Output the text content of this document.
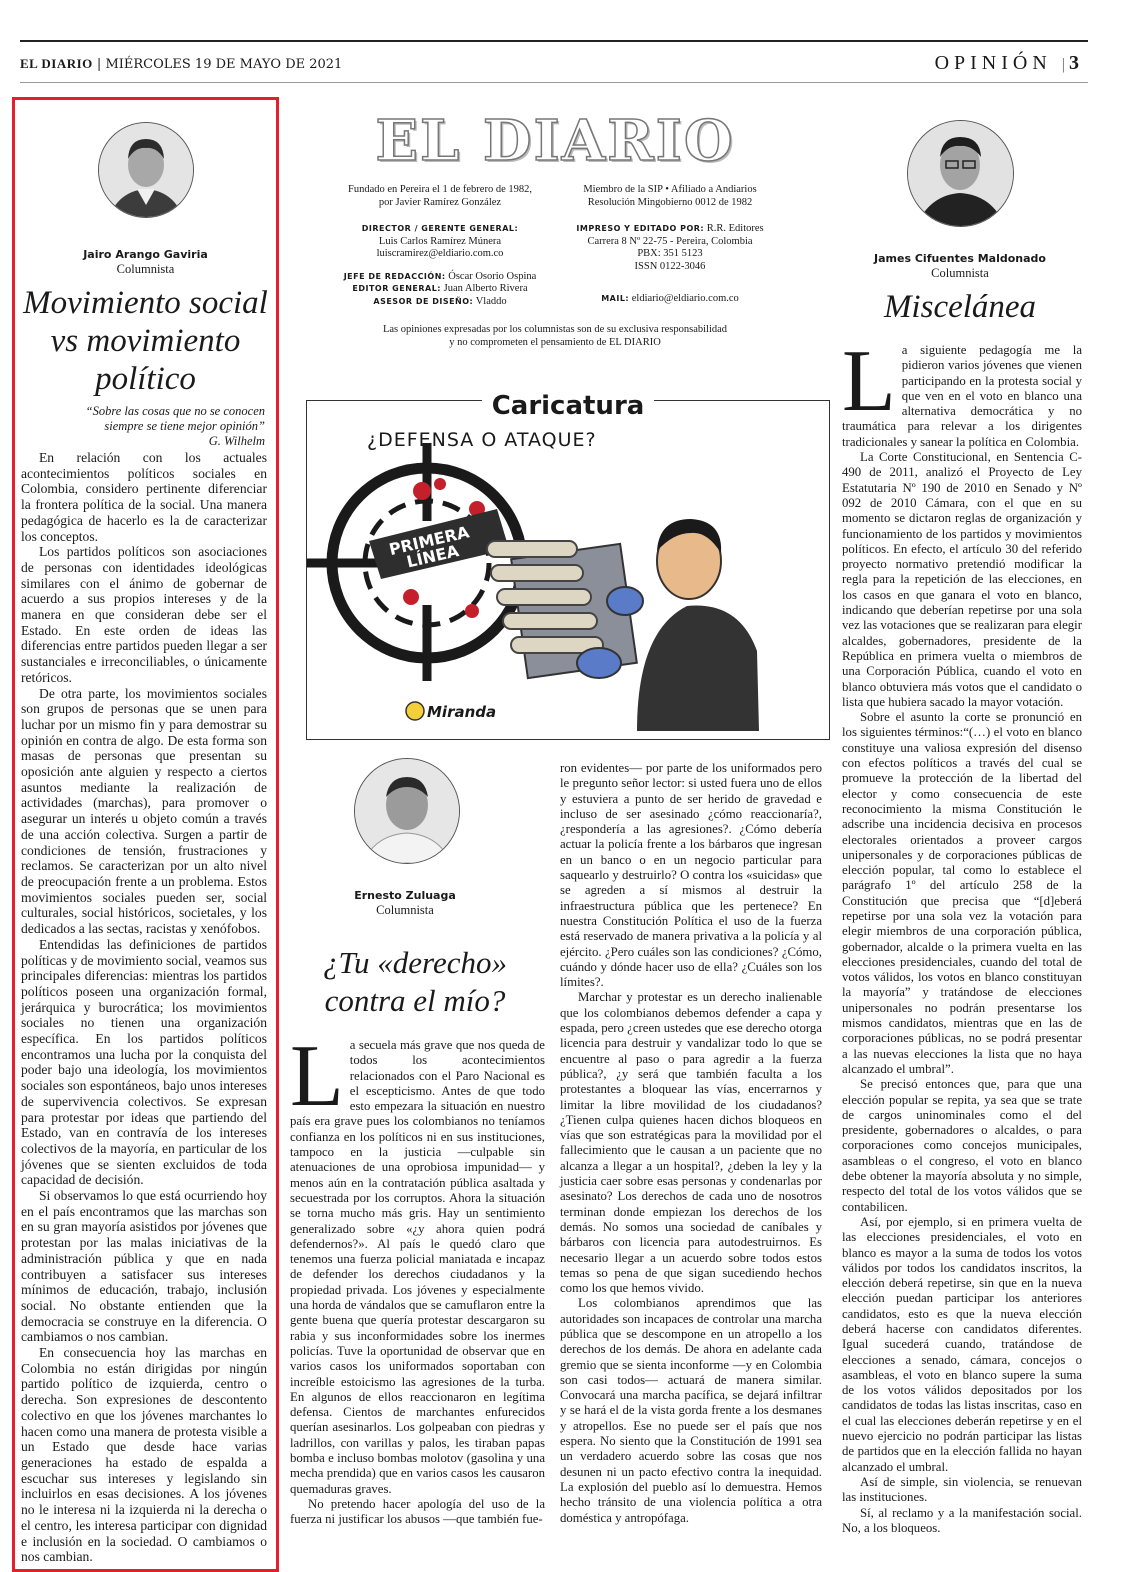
EL DIARIO | MIÉRCOLES 19 DE MAYO DE 2021	OPINIÓN | 3
Jairo Arango Gaviria
Columnista
Movimiento social
vs movimiento
político
“Sobre las cosas que no se conocen
siempre se tiene mejor opinión”
G. Wilhelm

En relación con los actuales acontecimientos políticos sociales en Colombia, considero pertinente diferenciar la frontera política de la social. Una manera pedagógica de hacerlo es la de caracterizar los conceptos.

Los partidos políticos son asociaciones de personas con identidades ideológicas similares con el ánimo de gobernar de acuerdo a sus propios intereses y de la manera en que consideran debe ser el Estado. En este orden de ideas las diferencias entre partidos pueden llegar a ser sustanciales e irreconciliables, o únicamente retóricos.

De otra parte, los movimientos sociales son grupos de personas que se unen para luchar por un mismo fin y para demostrar su opinión en contra de algo. De esta forma son masas de personas que presentan su oposición ante alguien y respecto a ciertos asuntos mediante la realización de actividades (marchas), para promover o asegurar un interés u objeto común a través de una acción colectiva. Surgen a partir de condiciones de tensión, frustraciones y reclamos. Se caracterizan por un alto nivel de preocupación frente a un problema. Estos movimientos sociales pueden ser, social culturales, social históricos, societales, y los dedicados a las sectas, racistas y xenófobos.

Entendidas las definiciones de partidos políticas y de movimiento social, veamos sus principales diferencias: mientras los partidos políticos poseen una organización formal, jerárquica y burocrática; los movimientos sociales no tienen una organización específica. En los partidos políticos encontramos una lucha por la conquista del poder bajo una ideología, los movimientos sociales son espontáneos, bajo unos intereses de supervivencia colectivos. Se expresan para protestar por ideas que partiendo del Estado, van en contravía de los intereses colectivos de la mayoría, en particular de los jóvenes que se sienten excluidos de toda capacidad de decisión.

Si observamos lo que está ocurriendo hoy en el país encontramos que las marchas son en su gran mayoría asistidos por jóvenes que protestan por las malas iniciativas de la administración pública y que en nada contribuyen a satisfacer sus intereses mínimos de educación, trabajo, inclusión social. No obstante entienden que la democracia se construye en la diferencia. O cambiamos o nos cambian.

En consecuencia hoy las marchas en Colombia no están dirigidas por ningún partido político de izquierda, centro o derecha. Son expresiones de descontento colectivo en que los jóvenes marchantes lo hacen como una manera de protesta visible a un Estado que desde hace varias generaciones ha estado de espalda a escuchar sus intereses y legislando sin incluirlos en esas decisiones. A los jóvenes no le interesa ni la izquierda ni la derecha o el centro, les interesa participar con dignidad e inclusión en la sociedad. O cambiamos o nos cambian.

EL DIARIO
Fundado en Pereira el 1 de febrero de 1982,
por Javier Ramírez González
DIRECTOR / GERENTE GENERAL:
Luis Carlos Ramírez Múnera
luiscramirez@eldiario.com.co
JEFE DE REDACCIÓN: Óscar Osorio Ospina
EDITOR GENERAL: Juan Alberto Rivera
ASESOR DE DISEÑO: Vladdo
Miembro de la SIP • Afiliado a Andiarios
Resolución Mingobierno 0012 de 1982
IMPRESO Y EDITADO POR: R.R. Editores
Carrera 8 Nº 22-75 - Pereira, Colombia
PBX: 351 5123
ISSN 0122-3046
MAIL: eldiario@eldiario.com.co
Las opiniones expresadas por los columnistas son de su exclusiva responsabilidad
y no comprometen el pensamiento de EL DIARIO
Caricatura
¿DEFENSA O ATAQUE?
PRIMERA LÍNEA
Miranda
Ernesto Zuluaga
Columnista
¿Tu «derecho»
contra el mío?
L a secuela más grave que nos queda de todos los acontecimientos relacionados con el Paro Nacional es el escepticismo. Antes de que todo esto empezara la situación en nuestro país era grave pues los colombianos no teníamos confianza en los políticos ni en sus instituciones, tampoco en la justicia —culpable sin atenuaciones de una oprobiosa impunidad— y menos aún en la contratación pública asaltada y secuestrada por los corruptos. Ahora la situación se torna mucho más gris. Hay un sentimiento generalizado sobre «¿y ahora quien podrá defendernos?». Al país le quedó claro que tenemos una fuerza policial maniatada e incapaz de defender los derechos ciudadanos y la propiedad privada. Los jóvenes y especialmente una horda de vándalos que se camuflaron entre la gente buena que quería protestar descargaron su rabia y sus inconformidades sobre los inermes policías. Tuve la oportunidad de observar que en varios casos los uniformados soportaban con increíble estoicismo las agresiones de la turba. En algunos de ellos reaccionaron en legítima defensa. Cientos de marchantes enfurecidos querían asesinarlos. Los golpeaban con piedras y ladrillos, con varillas y palos, les tiraban papas bomba e incluso bombas molotov (gasolina y una mecha prendida) que en varios casos les causaron quemaduras graves.

No pretendo hacer apología del uso de la fuerza ni justificar los abusos —que también fue-

ron evidentes— por parte de los uniformados pero le pregunto señor lector: si usted fuera uno de ellos y estuviera a punto de ser herido de gravedad e incluso de ser asesinado ¿cómo reaccionaría?, ¿respondería a las agresiones?. ¿Cómo debería actuar la policía frente a los bárbaros que ingresan en un banco o en un negocio particular para saquearlo y destruirlo? O contra los «suicidas» que se agreden a sí mismos al destruir la infraestructura pública que les pertenece? En nuestra Constitución Política el uso de la fuerza está reservado de manera privativa a la policía y al ejército. ¿Pero cuáles son las condiciones? ¿Cómo, cuándo y dónde hacer uso de ella? ¿Cuáles son los límites?.

Marchar y protestar es un derecho inalienable que los colombianos debemos defender a capa y espada, pero ¿creen ustedes que ese derecho otorga licencia para destruir y vandalizar todo lo que se encuentre al paso o para agredir a la fuerza pública?, ¿y será que también faculta a los protestantes a bloquear las vías, encerrarnos y limitar la libre movilidad de los ciudadanos? ¿Tienen culpa quienes hacen dichos bloqueos en vías que son estratégicas para la movilidad por el fallecimiento que le causan a un paciente que no alcanza a llegar a un hospital?, ¿deben la ley y la justicia caer sobre esas personas y condenarlas por asesinato? Los derechos de cada uno de nosotros terminan donde empiezan los derechos de los demás. No somos una sociedad de caníbales y bárbaros con licencia para autodestruirnos. Es necesario llegar a un acuerdo sobre todos estos temas so pena de que sigan sucediendo hechos como los que hemos vivido.

Los colombianos aprendimos que las autoridades son incapaces de controlar una marcha pública que se descompone en un atropello a los derechos de los demás. De ahora en adelante cada gremio que se sienta inconforme —y en Colombia son casi todos— actuará de manera similar. Convocará una marcha pacífica, se dejará infiltrar y se hará el de la vista gorda frente a los desmanes y atropellos. Ese no puede ser el país que nos espera. No siento que la Constitución de 1991 sea un verdadero acuerdo sobre las cosas que nos desunen ni un pacto efectivo contra la inequidad. La explosión del pueblo así lo demuestra. Hemos hecho tránsito de una violencia política a otra doméstica y antropófaga.

James Cifuentes Maldonado
Columnista
Miscelánea
L a siguiente pedagogía me la pidieron varios jóvenes que vienen participando en la protesta social y que ven en el voto en blanco una alternativa democrática y no traumática para relevar a los dirigentes tradicionales y sanear la política en Colombia.

La Corte Constitucional, en Sentencia C-490 de 2011, analizó el Proyecto de Ley Estatutaria Nº 190 de 2010 en Senado y Nº 092 de 2010 Cámara, con el que en su momento se dictaron reglas de organización y funcionamiento de los partidos y movimientos políticos. En efecto, el artículo 30 del referido proyecto normativo pretendió modificar la regla para la repetición de las elecciones, en los casos en que ganara el voto en blanco, indicando que deberían repetirse por una sola vez las votaciones que se realizaran para elegir alcaldes, gobernadores, presidente de la República en primera vuelta o miembros de una Corporación Pública, cuando el voto en blanco obtuviera más votos que el candidato o lista que hubiera sacado la mayor votación.

Sobre el asunto la corte se pronunció en los siguientes términos:“(…) el voto en blanco constituye una valiosa expresión del disenso con efectos políticos a través del cual se promueve la protección de la libertad del elector y como consecuencia de este reconocimiento la misma Constitución le adscribe una incidencia decisiva en procesos electorales orientados a proveer cargos unipersonales y de corporaciones públicas de elección popular, tal como lo establece el parágrafo 1º del artículo 258 de la Constitución que precisa que “[d]eberá repetirse por una sola vez la votación para elegir miembros de una corporación pública, gobernador, alcalde o la primera vuelta en las elecciones presidenciales, cuando del total de votos válidos, los votos en blanco constituyan la mayoría” y tratándose de elecciones unipersonales no podrán presentarse los mismos candidatos, mientras que en las de corporaciones públicas, no se podrá presentar a las nuevas elecciones la lista que no haya alcanzado el umbral”.

Se precisó entonces que, para que una elección popular se repita, ya sea que se trate de cargos uninominales como el del presidente, gobernadores o alcaldes, o para corporaciones como concejos municipales, asambleas o el congreso, el voto en blanco debe obtener la mayoría absoluta y no simple, respecto del total de los votos válidos que se contabilicen.

Así, por ejemplo, si en primera vuelta de las elecciones presidenciales, el voto en blanco es mayor a la suma de todos los votos válidos por todos los candidatos inscritos, la elección deberá repetirse, sin que en la nueva elección puedan participar los anteriores candidatos, esto es que la nueva elección deberá hacerse con candidatos diferentes. Igual sucederá cuando, tratándose de elecciones a senado, cámara, concejos o asambleas, el voto en blanco supere la suma de los votos válidos depositados por los candidatos de todas las listas inscritas, caso en el cual las elecciones deberán repetirse y en el nuevo ejercicio no podrán participar las listas de partidos que en la elección fallida no hayan alcanzado el umbral.

Así de simple, sin violencia, se renuevan las instituciones.

Sí, al reclamo y a la manifestación social. No, a los bloqueos.
